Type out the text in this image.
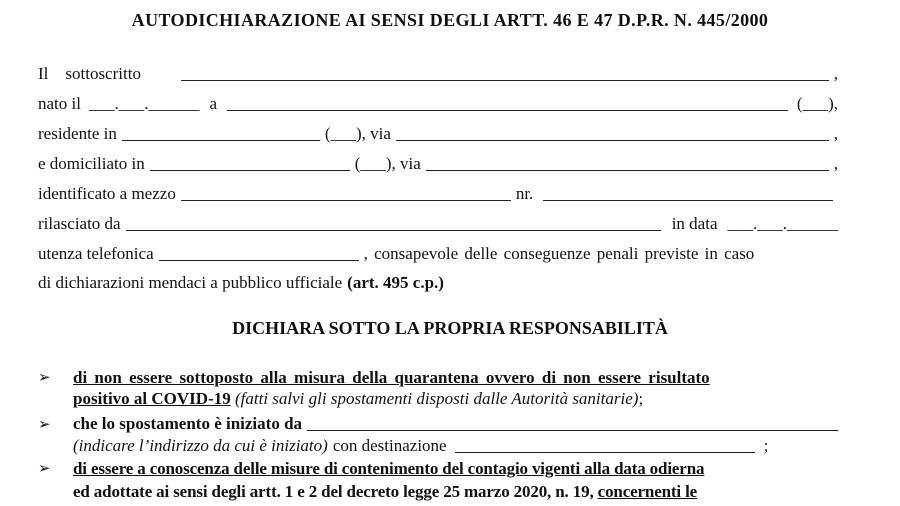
AUTODICHIARAZIONE AI SENSI DEGLI ARTT. 46 E 47 D.P.R. N. 445/2000
Il    sottoscritto	,
nato il ___.___.______ a	(___),
residente in	(___), via	,
e domiciliato in	(___), via	,
identificato a mezzo	nr.
rilasciato da	in data ___.___.______
utenza telefonica	, consapevole delle conseguenze penali previste in caso
di dichiarazioni mendaci a pubblico ufficiale (art. 495 c.p.)
DICHIARA SOTTO LA PROPRIA RESPONSABILITÀ
➢ di non essere sottoposto alla misura della quarantena ovvero di non essere risultato
positivo al COVID-19 (fatti salvi gli spostamenti disposti dalle Autorità sanitarie);
➢	che lo spostamento è iniziato da
(indicare l’indirizzo da cui è iniziato) con destinazione	;
➢ di essere a conoscenza delle misure di contenimento del contagio vigenti alla data odierna
ed adottate ai sensi degli artt. 1 e 2 del decreto legge 25 marzo 2020, n. 19, concernenti le
